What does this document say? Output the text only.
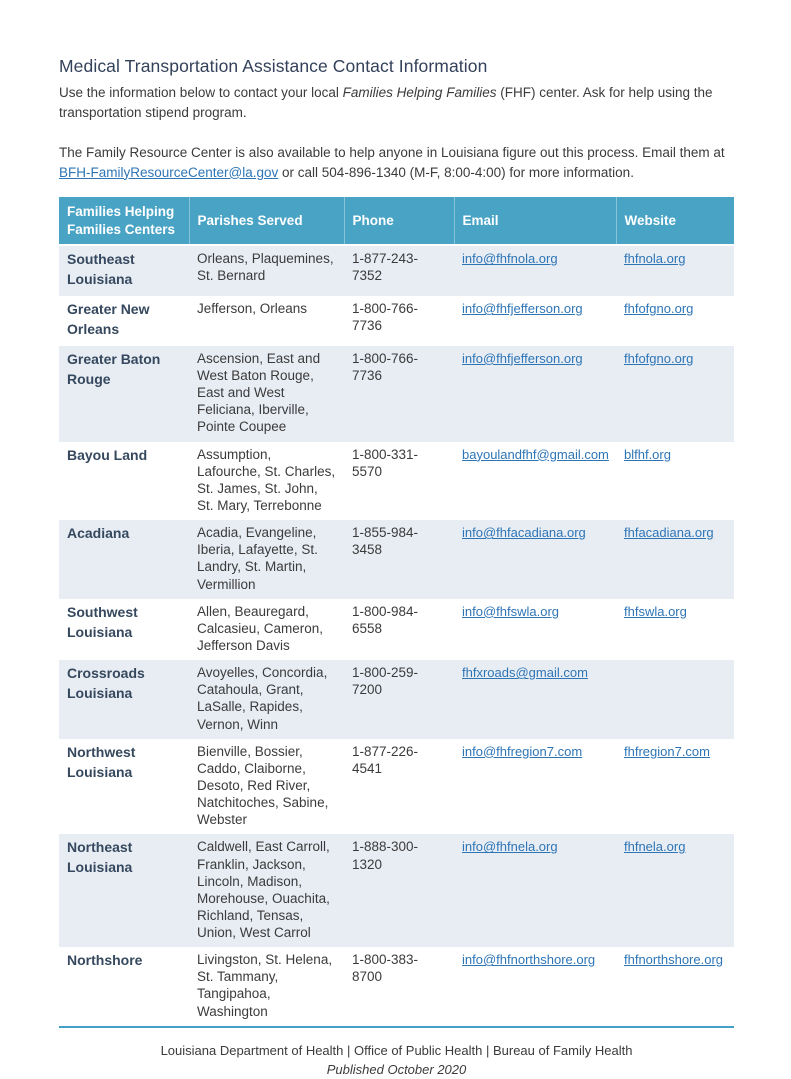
Medical Transportation Assistance Contact Information

Use the information below to contact your local Families Helping Families (FHF) center. Ask for help using the transportation stipend program.

The Family Resource Center is also available to help anyone in Louisiana figure out this process. Email them at BFH-FamilyResourceCenter@la.gov or call 504-896-1340 (M-F, 8:00-4:00) for more information.

Families Helping Families Centers	Parishes Served	Phone	Email	Website
Southeast Louisiana	Orleans, Plaquemines, St. Bernard	1-877-243-7352	info@fhfnola.org	fhfnola.org
Greater New Orleans	Jefferson, Orleans	1-800-766-7736	info@fhfjefferson.org	fhfofgno.org
Greater Baton Rouge	Ascension, East and West Baton Rouge, East and West Feliciana, Iberville, Pointe Coupee	1-800-766-7736	info@fhfjefferson.org	fhfofgno.org
Bayou Land	Assumption, Lafourche, St. Charles, St. James, St. John, St. Mary, Terrebonne	1-800-331-5570	bayoulandfhf@gmail.com	blfhf.org
Acadiana	Acadia, Evangeline, Iberia, Lafayette, St. Landry, St. Martin, Vermillion	1-855-984-3458	info@fhfacadiana.org	fhfacadiana.org
Southwest Louisiana	Allen, Beauregard, Calcasieu, Cameron, Jefferson Davis	1-800-984-6558	info@fhfswla.org	fhfswla.org
Crossroads Louisiana	Avoyelles, Concordia, Catahoula, Grant, LaSalle, Rapides, Vernon, Winn	1-800-259-7200	fhfxroads@gmail.com	
Northwest Louisiana	Bienville, Bossier, Caddo, Claiborne, Desoto, Red River, Natchitoches, Sabine, Webster	1-877-226-4541	info@fhfregion7.com	fhfregion7.com
Northeast Louisiana	Caldwell, East Carroll, Franklin, Jackson, Lincoln, Madison, Morehouse, Ouachita, Richland, Tensas, Union, West Carrol	1-888-300-1320	info@fhfnela.org	fhfnela.org
Northshore	Livingston, St. Helena, St. Tammany, Tangipahoa, Washington	1-800-383-8700	info@fhfnorthshore.org	fhfnorthshore.org
Louisiana Department of Health | Office of Public Health | Bureau of Family Health
Published October 2020
